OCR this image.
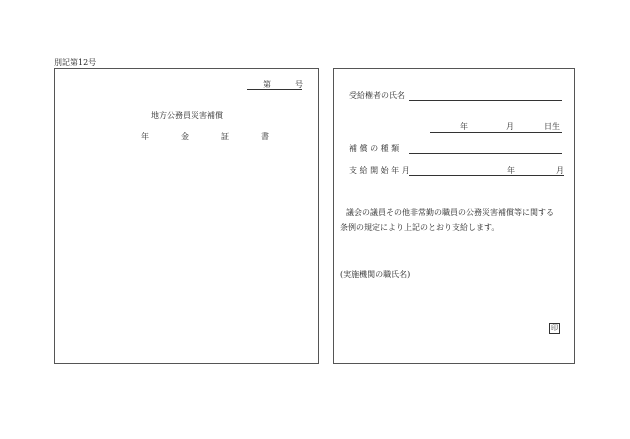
別記第12号
第	号
地方公務員災害補償
年　金　証　書
受給権者の氏名
年	月	日生
補 償 の 種 類
支 給 開 始 年 月	年	月
議会の議員その他非常勤の職員の公務災害補償等に関する
条例の規定により上記のとおり支給します。
(実施機関の職氏名)
印
